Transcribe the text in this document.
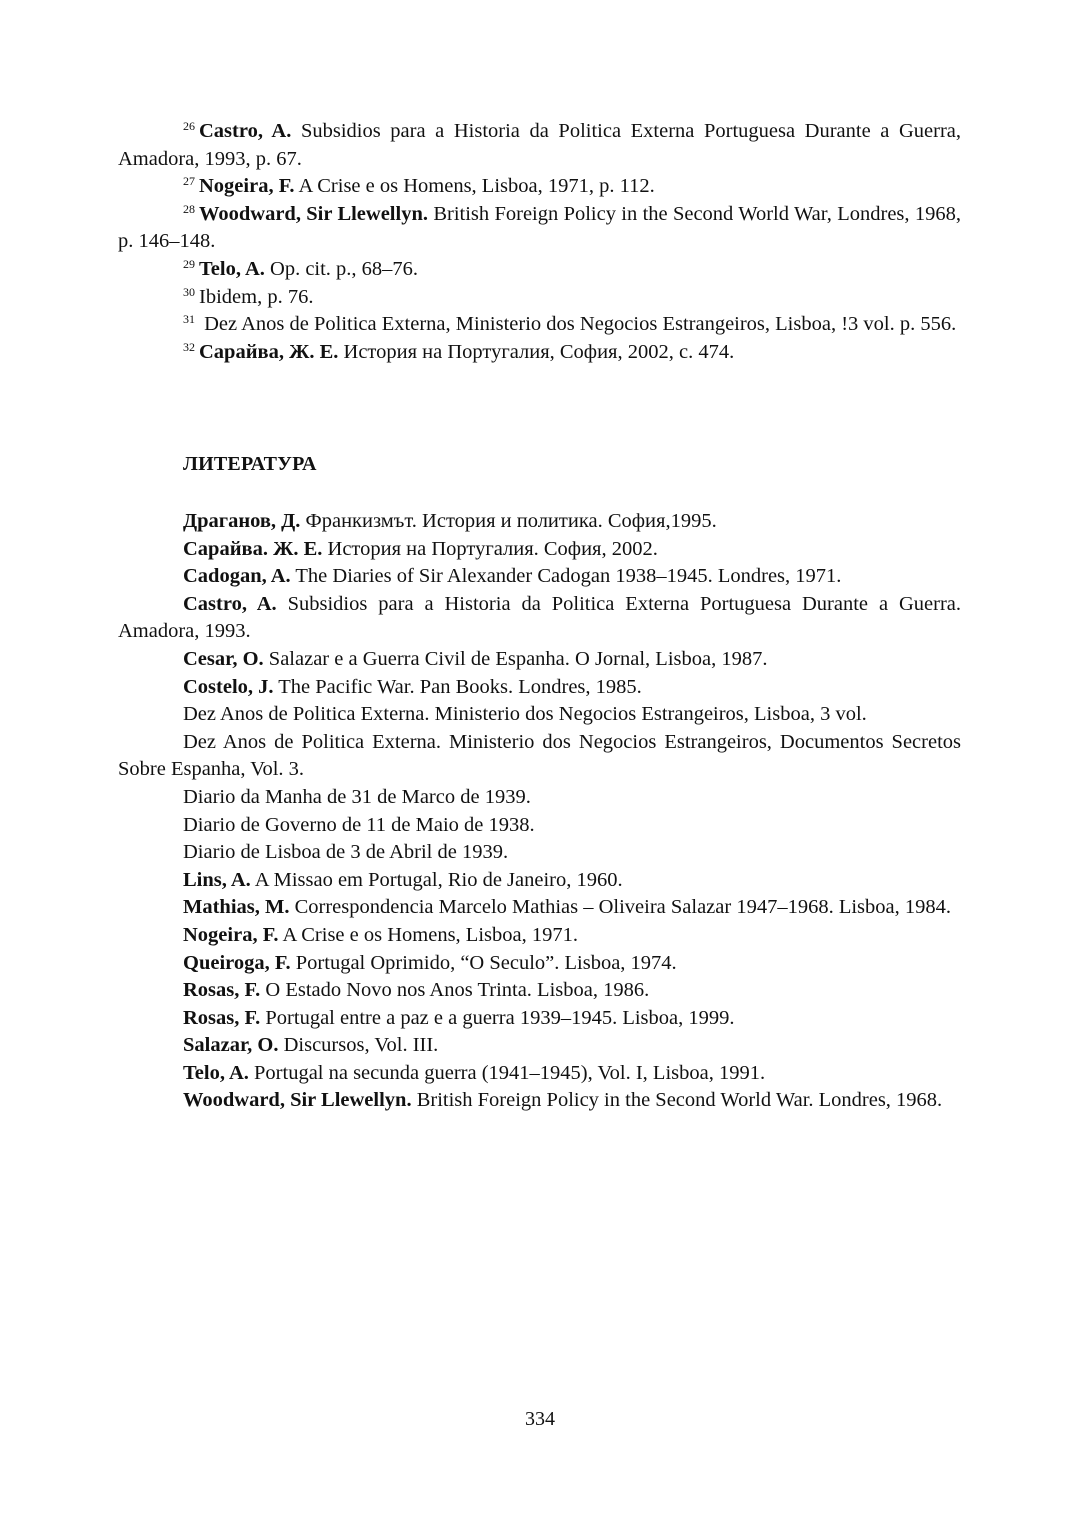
$^{26}$ Castro, A. Subsidios para a Historia da Politica Externa Portuguesa Durante a Guerra, Amadora, 1993, p. 67.

$^{27}$ Nogeira, F. A Crise e os Homens, Lisboa, 1971, p. 112.

$^{28}$ Woodward, Sir Llewellyn. British Foreign Policy in the Second World War, Londres, 1968, p. 146–148.

$^{29}$ Telo, A. Op. cit. p., 68–76.

$^{30}$ Ibidem, p. 76.

$^{31}$ Dez Anos de Politica Externa, Ministerio dos Negocios Estrangeiros, Lisboa, !3 vol. p. 556.

$^{32}$ Сарайва, Ж. Е. История на Португалия, София, 2002, с. 474.

ЛИТЕРАТУРА

Драганов, Д. Франкизмът. История и политика. София,1995.

Сарайва. Ж. Е. История на Португалия. София, 2002.

Cadogan, A. The Diaries of Sir Alexander Cadogan 1938–1945. Londres, 1971.

Castro, A. Subsidios para a Historia da Politica Externa Portuguesa Durante a Guerra. Amadora, 1993.

Cesar, O. Salazar e a Guerra Civil de Espanha. O Jornal, Lisboa, 1987.

Costelo, J. The Pacific War. Pan Books. Londres, 1985.

Dez Anos de Politica Externa. Ministerio dos Negocios Estrangeiros, Lisboa, 3 vol.

Dez Anos de Politica Externa. Ministerio dos Negocios Estrangeiros, Documentos Secretos Sobre Espanha, Vol. 3.

Diario da Manha de 31 de Marco de 1939.

Diario de Governo de 11 de Maio de 1938.

Diario de Lisboa de 3 de Abril de 1939.

Lins, A. A Missao em Portugal, Rio de Janeiro, 1960.

Mathias, M. Correspondencia Marcelo Mathias – Oliveira Salazar 1947–1968. Lisboa, 1984.

Nogeira, F. A Crise e os Homens, Lisboa, 1971.

Queiroga, F. Portugal Oprimido, “O Seculo”. Lisboa, 1974.

Rosas, F. O Estado Novo nos Anos Trinta. Lisboa, 1986.

Rosas, F. Portugal entre a paz e a guerra 1939–1945. Lisboa, 1999.

Salazar, O. Discursos, Vol. III.

Telo, A. Portugal na secunda guerra (1941–1945), Vol. I, Lisboa, 1991.

Woodward, Sir Llewellyn. British Foreign Policy in the Second World War. Londres, 1968.

334
